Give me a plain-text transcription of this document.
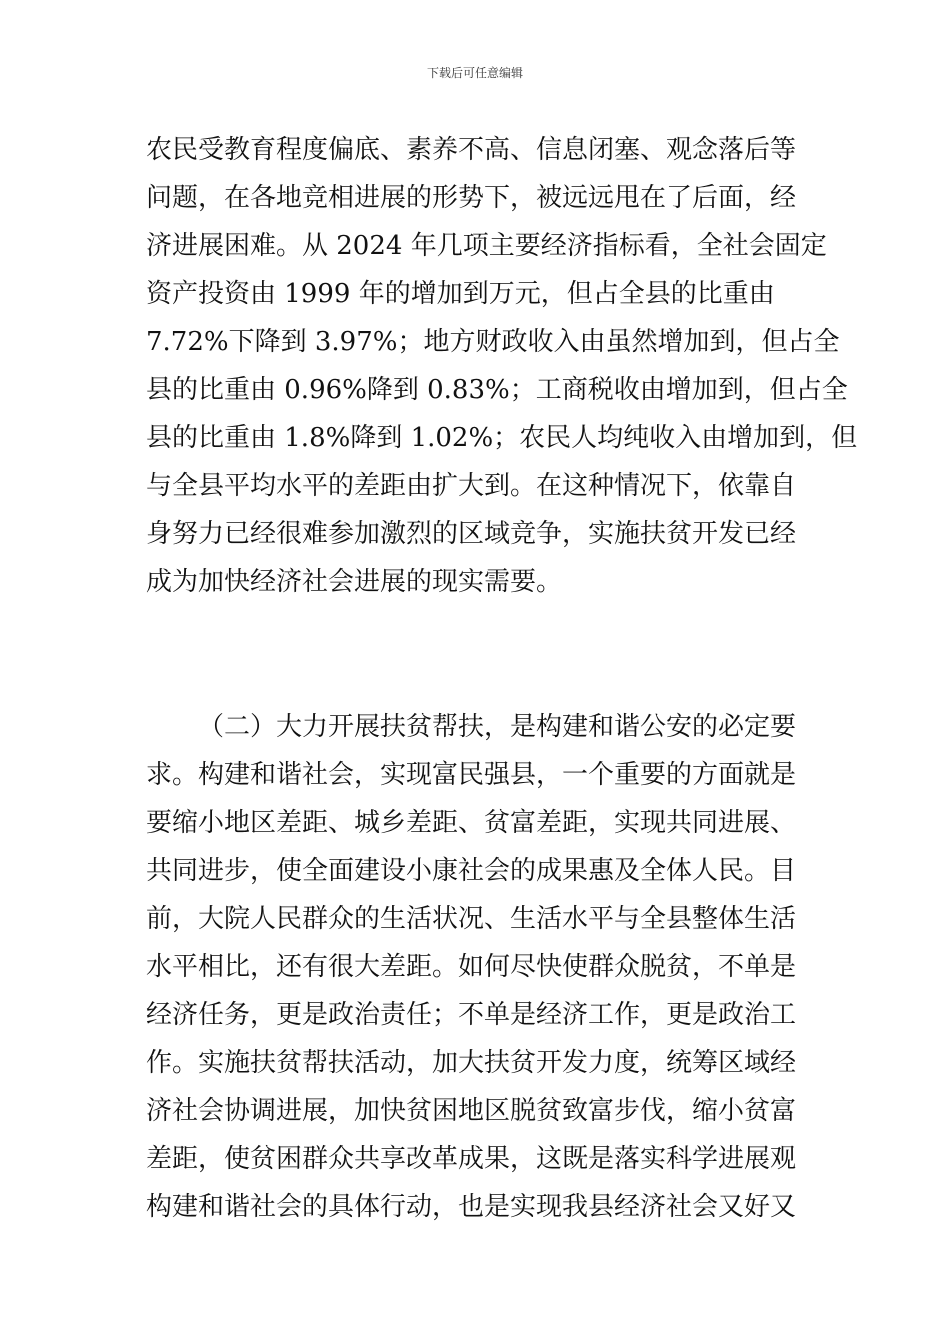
下载后可任意编辑
农民受教育程度偏底、素养不高、信息闭塞、观念落后等
问题，在各地竞相进展的形势下，被远远甩在了后面，经
济进展困难。从 2024 年几项主要经济指标看，全社会固定
资产投资由 1999 年的增加到万元，但占全县的比重由
7.72%下降到 3.97%；地方财政收入由虽然增加到，但占全
县的比重由 0.96%降到 0.83%；工商税收由增加到，但占全
县的比重由 1.8%降到 1.02%；农民人均纯收入由增加到，但
与全县平均水平的差距由扩大到。在这种情况下，依靠自
身努力已经很难参加激烈的区域竞争，实施扶贫开发已经
成为加快经济社会进展的现实需要。
（二）大力开展扶贫帮扶，是构建和谐公安的必定要
求。构建和谐社会，实现富民强县，一个重要的方面就是
要缩小地区差距、城乡差距、贫富差距，实现共同进展、
共同进步，使全面建设小康社会的成果惠及全体人民。目
前，大院人民群众的生活状况、生活水平与全县整体生活
水平相比，还有很大差距。如何尽快使群众脱贫，不单是
经济任务，更是政治责任；不单是经济工作，更是政治工
作。实施扶贫帮扶活动，加大扶贫开发力度，统筹区域经
济社会协调进展，加快贫困地区脱贫致富步伐，缩小贫富
差距，使贫困群众共享改革成果，这既是落实科学进展观
构建和谐社会的具体行动，也是实现我县经济社会又好又
